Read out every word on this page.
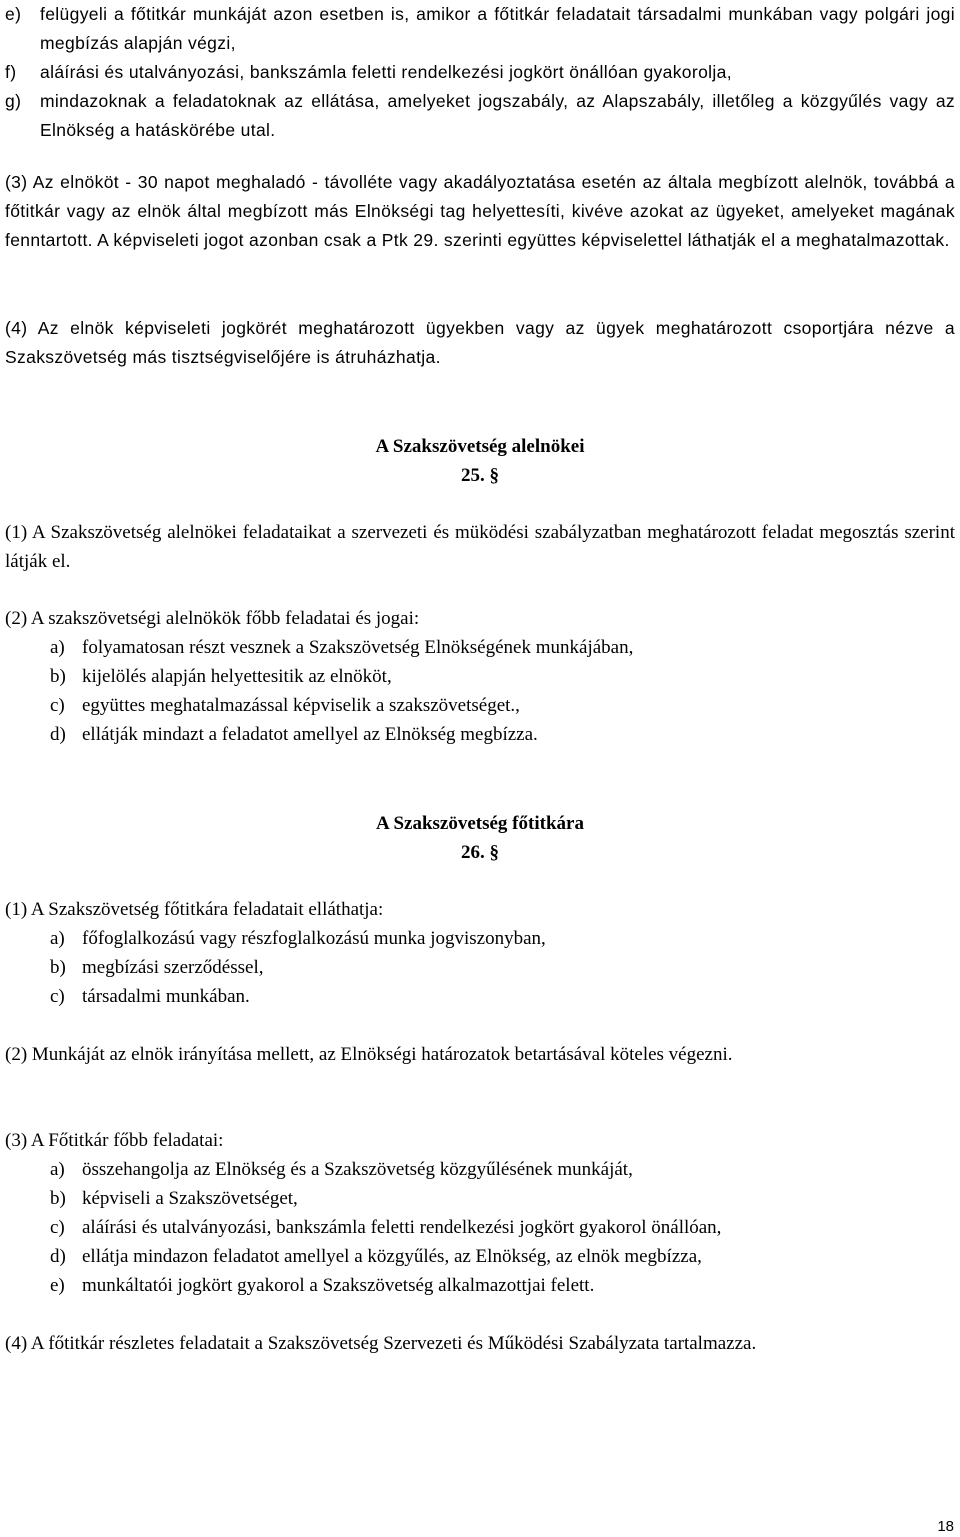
e)	felügyeli a főtitkár munkáját azon esetben is, amikor a főtitkár feladatait társadalmi munkában vagy polgári jogi megbízás alapján végzi,
f)	aláírási és utalványozási, bankszámla feletti rendelkezési jogkört önállóan gyakorolja,
g)	mindazoknak a feladatoknak az ellátása, amelyeket jogszabály, az Alapszabály, illetőleg a közgyűlés vagy az Elnökség a hatáskörébe utal.

(3) Az elnököt - 30 napot meghaladó - távolléte vagy akadályoztatása esetén az általa megbízott alelnök, továbbá a főtitkár vagy az elnök által megbízott más Elnökségi tag helyettesíti, kivéve azokat az ügyeket, amelyeket magának fenntartott. A képviseleti jogot azonban csak a Ptk 29. szerinti együttes képviselettel láthatják el a meghatalmazottak.

(4) Az elnök képviseleti jogkörét meghatározott ügyekben vagy az ügyek meghatározott csoportjára nézve a Szakszövetség más tisztségviselőjére is átruházhatja.

A Szakszövetség alelnökei

25. §

(1) A Szakszövetség alelnökei feladataikat a szervezeti és müködési szabályzatban meghatározott feladat megosztás szerint látják el.

(2) A szakszövetségi alelnökök főbb feladatai és jogai:

a) folyamatosan részt vesznek a Szakszövetség Elnökségének munkájában,
b) kijelölés alapján helyettesitik az elnököt,
c) együttes meghatalmazással képviselik a szakszövetséget.,
d) ellátják mindazt a feladatot amellyel az Elnökség megbízza.

A Szakszövetség főtitkára

26. §

(1) A Szakszövetség főtitkára feladatait elláthatja:

a) főfoglalkozású vagy részfoglalkozású munka jogviszonyban,
b) megbízási szerződéssel,
c) társadalmi munkában.

(2) Munkáját az elnök irányítása mellett, az Elnökségi határozatok betartásával köteles végezni.

(3) A Főtitkár főbb feladatai:

a) összehangolja az Elnökség és a Szakszövetség közgyűlésének munkáját,
b) képviseli a Szakszövetséget,
c) aláírási és utalványozási, bankszámla feletti rendelkezési jogkört gyakorol önállóan,
d) ellátja mindazon feladatot amellyel a közgyűlés, az Elnökség, az elnök megbízza,
e) munkáltatói jogkört gyakorol a Szakszövetség alkalmazottjai felett.

(4) A főtitkár részletes feladatait a Szakszövetség Szervezeti és Működési Szabályzata tartalmazza.

18
